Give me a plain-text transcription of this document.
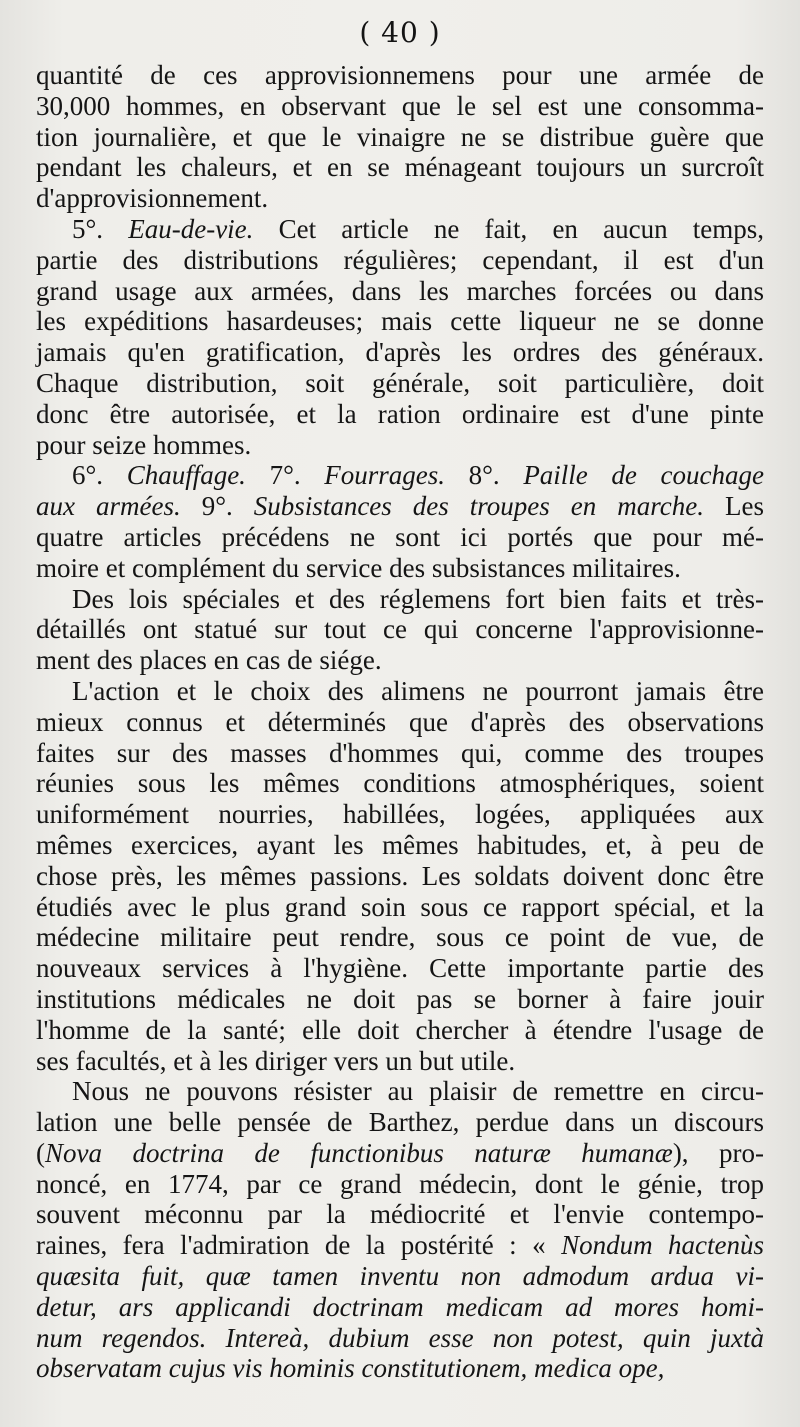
( 40 )
quantité de ces approvisionnemens pour une armée de
30,000 hommes, en observant que le sel est une consomma-
tion journalière, et que le vinaigre ne se distribue guère que
pendant les chaleurs, et en se ménageant toujours un surcroît
d'approvisionnement.
5°. Eau-de-vie. Cet article ne fait, en aucun temps,
partie des distributions régulières; cependant, il est d'un
grand usage aux armées, dans les marches forcées ou dans
les expéditions hasardeuses; mais cette liqueur ne se donne
jamais qu'en gratification, d'après les ordres des généraux.
Chaque distribution, soit générale, soit particulière, doit
donc être autorisée, et la ration ordinaire est d'une pinte
pour seize hommes.
6°. Chauffage. 7°. Fourrages. 8°. Paille de couchage
aux armées. 9°. Subsistances des troupes en marche. Les
quatre articles précédens ne sont ici portés que pour mé-
moire et complément du service des subsistances militaires.
Des lois spéciales et des réglemens fort bien faits et très-
détaillés ont statué sur tout ce qui concerne l'approvisionne-
ment des places en cas de siége.
L'action et le choix des alimens ne pourront jamais être
mieux connus et déterminés que d'après des observations
faites sur des masses d'hommes qui, comme des troupes
réunies sous les mêmes conditions atmosphériques, soient
uniformément nourries, habillées, logées, appliquées aux
mêmes exercices, ayant les mêmes habitudes, et, à peu de
chose près, les mêmes passions. Les soldats doivent donc être
étudiés avec le plus grand soin sous ce rapport spécial, et la
médecine militaire peut rendre, sous ce point de vue, de
nouveaux services à l'hygiène. Cette importante partie des
institutions médicales ne doit pas se borner à faire jouir
l'homme de la santé; elle doit chercher à étendre l'usage de
ses facultés, et à les diriger vers un but utile.
Nous ne pouvons résister au plaisir de remettre en circu-
lation une belle pensée de Barthez, perdue dans un discours
(Nova doctrina de functionibus naturæ humanæ), pro-
noncé, en 1774, par ce grand médecin, dont le génie, trop
souvent méconnu par la médiocrité et l'envie contempo-
raines, fera l'admiration de la postérité : « Nondum hactenùs
quæsita fuit, quæ tamen inventu non admodum ardua vi-
detur, ars applicandi doctrinam medicam ad mores homi-
num regendos. Intereà, dubium esse non potest, quin juxtà
observatam cujus vis hominis constitutionem, medica ope,
